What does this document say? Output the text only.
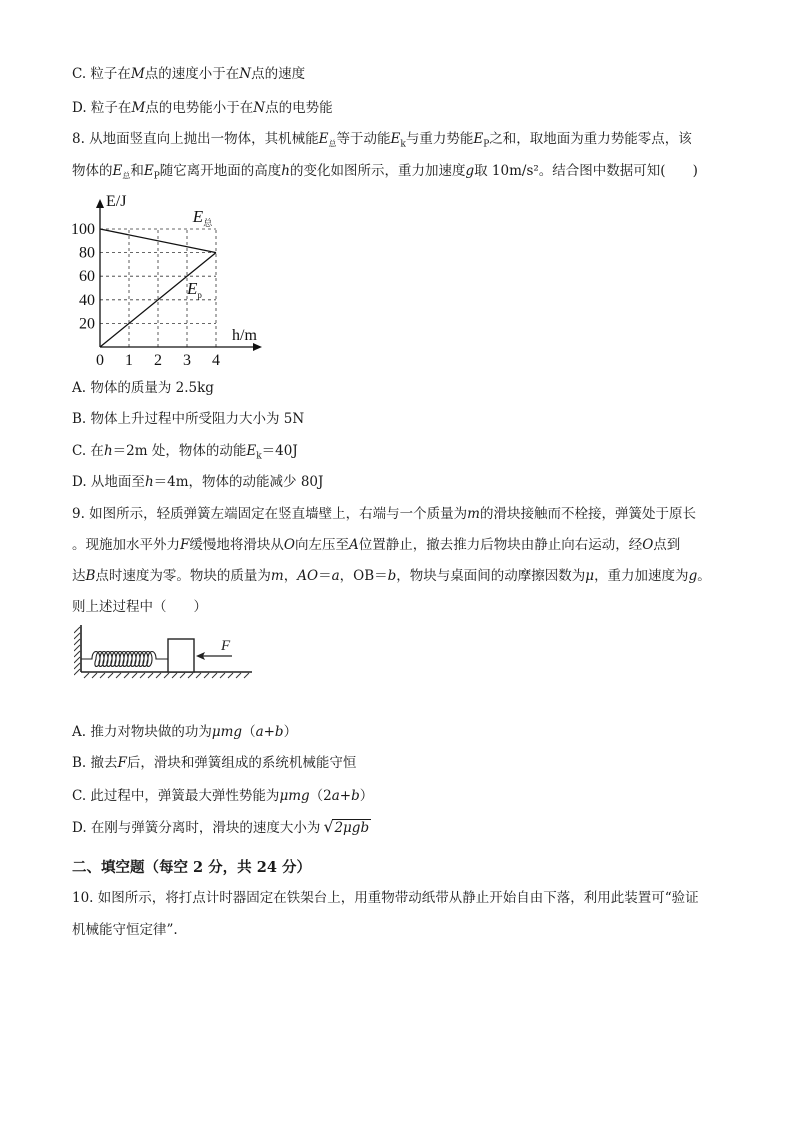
C. 粒子在M点的速度小于在N点的速度
D. 粒子在M点的电势能小于在N点的电势能
8. 从地面竖直向上抛出一物体，其机械能$E_总$等于动能$E_k$与重力势能$E_P$之和，取地面为重力势能零点，该
物体的$E_总$和$E_P$随它离开地面的高度h的变化如图所示，重力加速度g取 10m/s²。结合图中数据可知(　　)
20
40
60
80
100
0 1 2 3 4
E/J
h/m
$E_总$
$E_p$
A. 物体的质量为 2.5kg
B. 物体上升过程中所受阻力大小为 5N
C. 在h＝2m 处，物体的动能$E_k=40J$
D. 从地面至h＝4m，物体的动能减少 80J
9. 如图所示，轻质弹簧左端固定在竖直墙壁上，右端与一个质量为m的滑块接触而不栓接，弹簧处于原长
。现施加水平外力F缓慢地将滑块从O向左压至A位置静止，撤去推力后物块由静止向右运动，经O点到
达B点时速度为零。物块的质量为m，AO＝a，OB＝b，物块与桌面间的动摩擦因数为μ，重力加速度为g。
则上述过程中（　　）
F
A. 推力对物块做的功为μmg（a+b）
B. 撤去F后，滑块和弹簧组成的系统机械能守恒
C. 此过程中，弹簧最大弹性势能为μmg（2a+b）
D. 在刚与弹簧分离时，滑块的速度大小为 √ 2μgb
二、填空题（每空 2 分，共 24 分）
10. 如图所示，将打点计时器固定在铁架台上，用重物带动纸带从静止开始自由下落，利用此装置可“验证
机械能守恒定律”.
